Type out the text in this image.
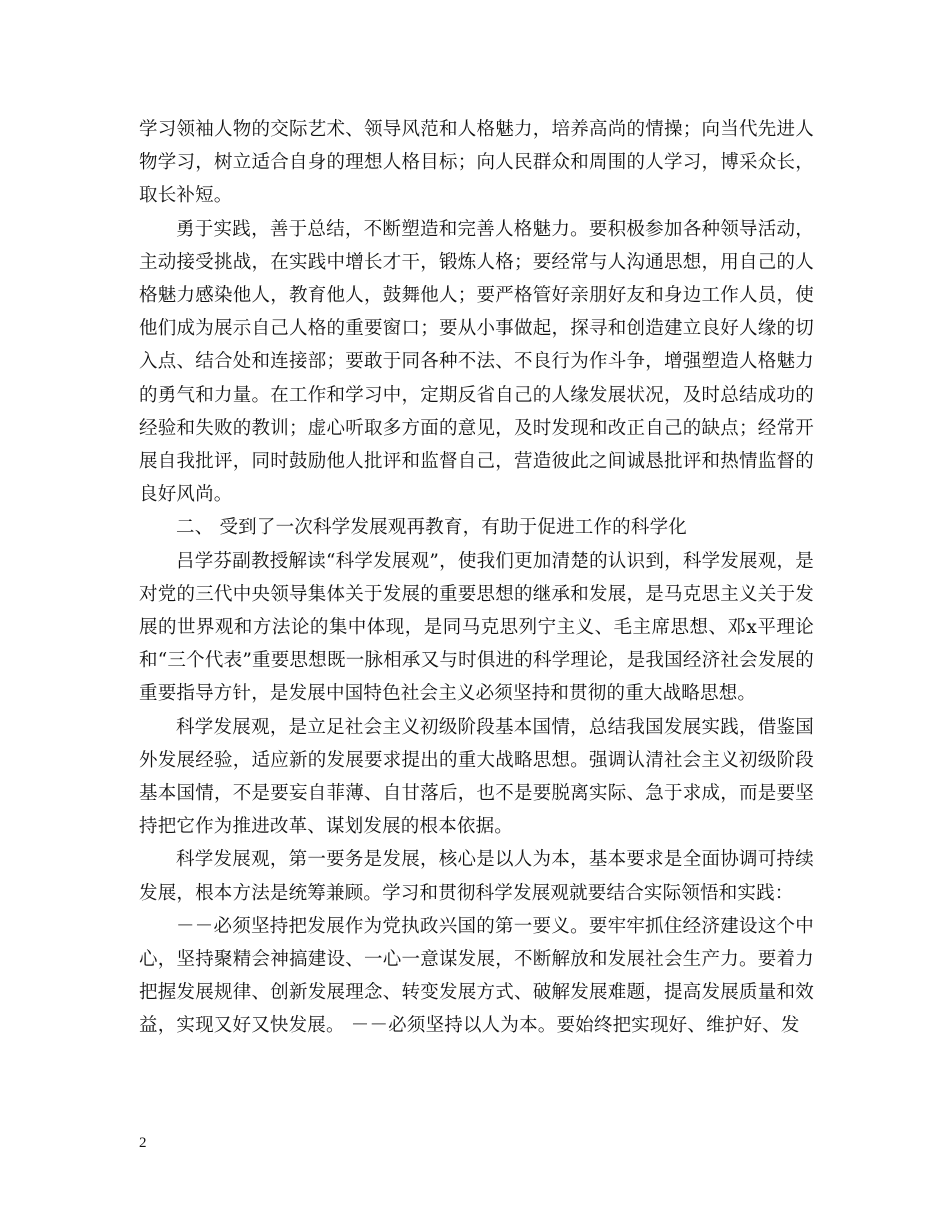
学习领袖人物的交际艺术、领导风范和人格魅力，培养高尚的情操；向当代先进人物学习，树立适合自身的理想人格目标；向人民群众和周围的人学习，博采众长，取长补短。

勇于实践，善于总结，不断塑造和完善人格魅力。要积极参加各种领导活动，主动接受挑战，在实践中增长才干，锻炼人格；要经常与人沟通思想，用自己的人格魅力感染他人，教育他人，鼓舞他人；要严格管好亲朋好友和身边工作人员，使他们成为展示自己人格的重要窗口；要从小事做起，探寻和创造建立良好人缘的切入点、结合处和连接部；要敢于同各种不法、不良行为作斗争，增强塑造人格魅力的勇气和力量。在工作和学习中，定期反省自己的人缘发展状况，及时总结成功的经验和失败的教训；虚心听取多方面的意见，及时发现和改正自己的缺点；经常开展自我批评，同时鼓励他人批评和监督自己，营造彼此之间诚恳批评和热情监督的良好风尚。

二、 受到了一次科学发展观再教育，有助于促进工作的科学化

吕学芬副教授解读“科学发展观”，使我们更加清楚的认识到，科学发展观，是对党的三代中央领导集体关于发展的重要思想的继承和发展，是马克思主义关于发展的世界观和方法论的集中体现，是同马克思列宁主义、毛主席思想、邓x平理论和“三个代表”重要思想既一脉相承又与时俱进的科学理论，是我国经济社会发展的重要指导方针，是发展中国特色社会主义必须坚持和贯彻的重大战略思想。

科学发展观，是立足社会主义初级阶段基本国情，总结我国发展实践，借鉴国外发展经验，适应新的发展要求提出的重大战略思想。强调认清社会主义初级阶段基本国情，不是要妄自菲薄、自甘落后，也不是要脱离实际、急于求成，而是要坚持把它作为推进改革、谋划发展的根本依据。

科学发展观，第一要务是发展，核心是以人为本，基本要求是全面协调可持续发展，根本方法是统筹兼顾。学习和贯彻科学发展观就要结合实际领悟和实践：

－－必须坚持把发展作为党执政兴国的第一要义。要牢牢抓住经济建设这个中心，坚持聚精会神搞建设、一心一意谋发展，不断解放和发展社会生产力。要着力把握发展规律、创新发展理念、转变发展方式、破解发展难题，提高发展质量和效益，实现又好又快发展。 －－必须坚持以人为本。要始终把实现好、维护好、发

2
